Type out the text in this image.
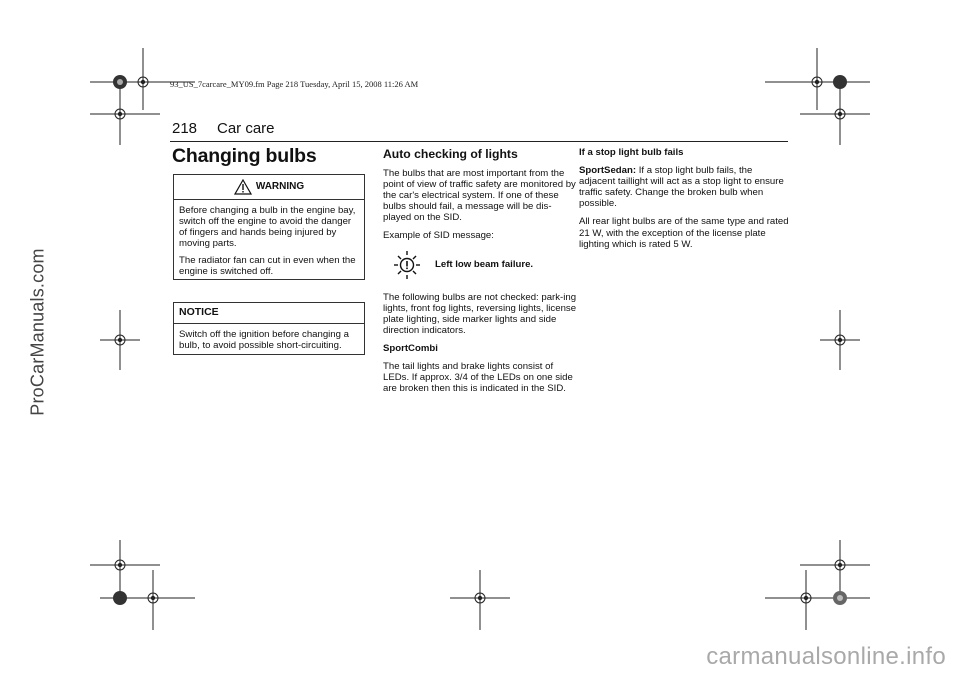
93_US_7carcare_MY09.fm Page 218 Tuesday, April 15, 2008 11:26 AM
218 Car care
ProCarManuals.com
carmanualsonline.info
Changing bulbs
WARNING

Before changing a bulb in the engine bay, switch off the engine to avoid the danger of fingers and hands being injured by moving parts.

The radiator fan can cut in even when the engine is switched off.

NOTICE

Switch off the ignition before changing a bulb, to avoid possible short-circuiting.

Auto checking of lights

The bulbs that are most important from the point of view of traffic safety are monitored by the car's electrical system. If one of these bulbs should fail, a message will be dis-played on the SID.

Example of SID message:

Left low beam failure.

The following bulbs are not checked: park-ing lights, front fog lights, reversing lights, license plate lighting, side marker lights and side direction indicators.

SportCombi

The tail lights and brake lights consist of LEDs. If approx. 3/4 of the LEDs on one side are broken then this is indicated in the SID.

If a stop light bulb fails

SportSedan: If a stop light bulb fails, the adjacent taillight will act as a stop light to ensure traffic safety. Change the broken bulb when possible.

All rear light bulbs are of the same type and rated 21 W, with the exception of the license plate lighting which is rated 5 W.
